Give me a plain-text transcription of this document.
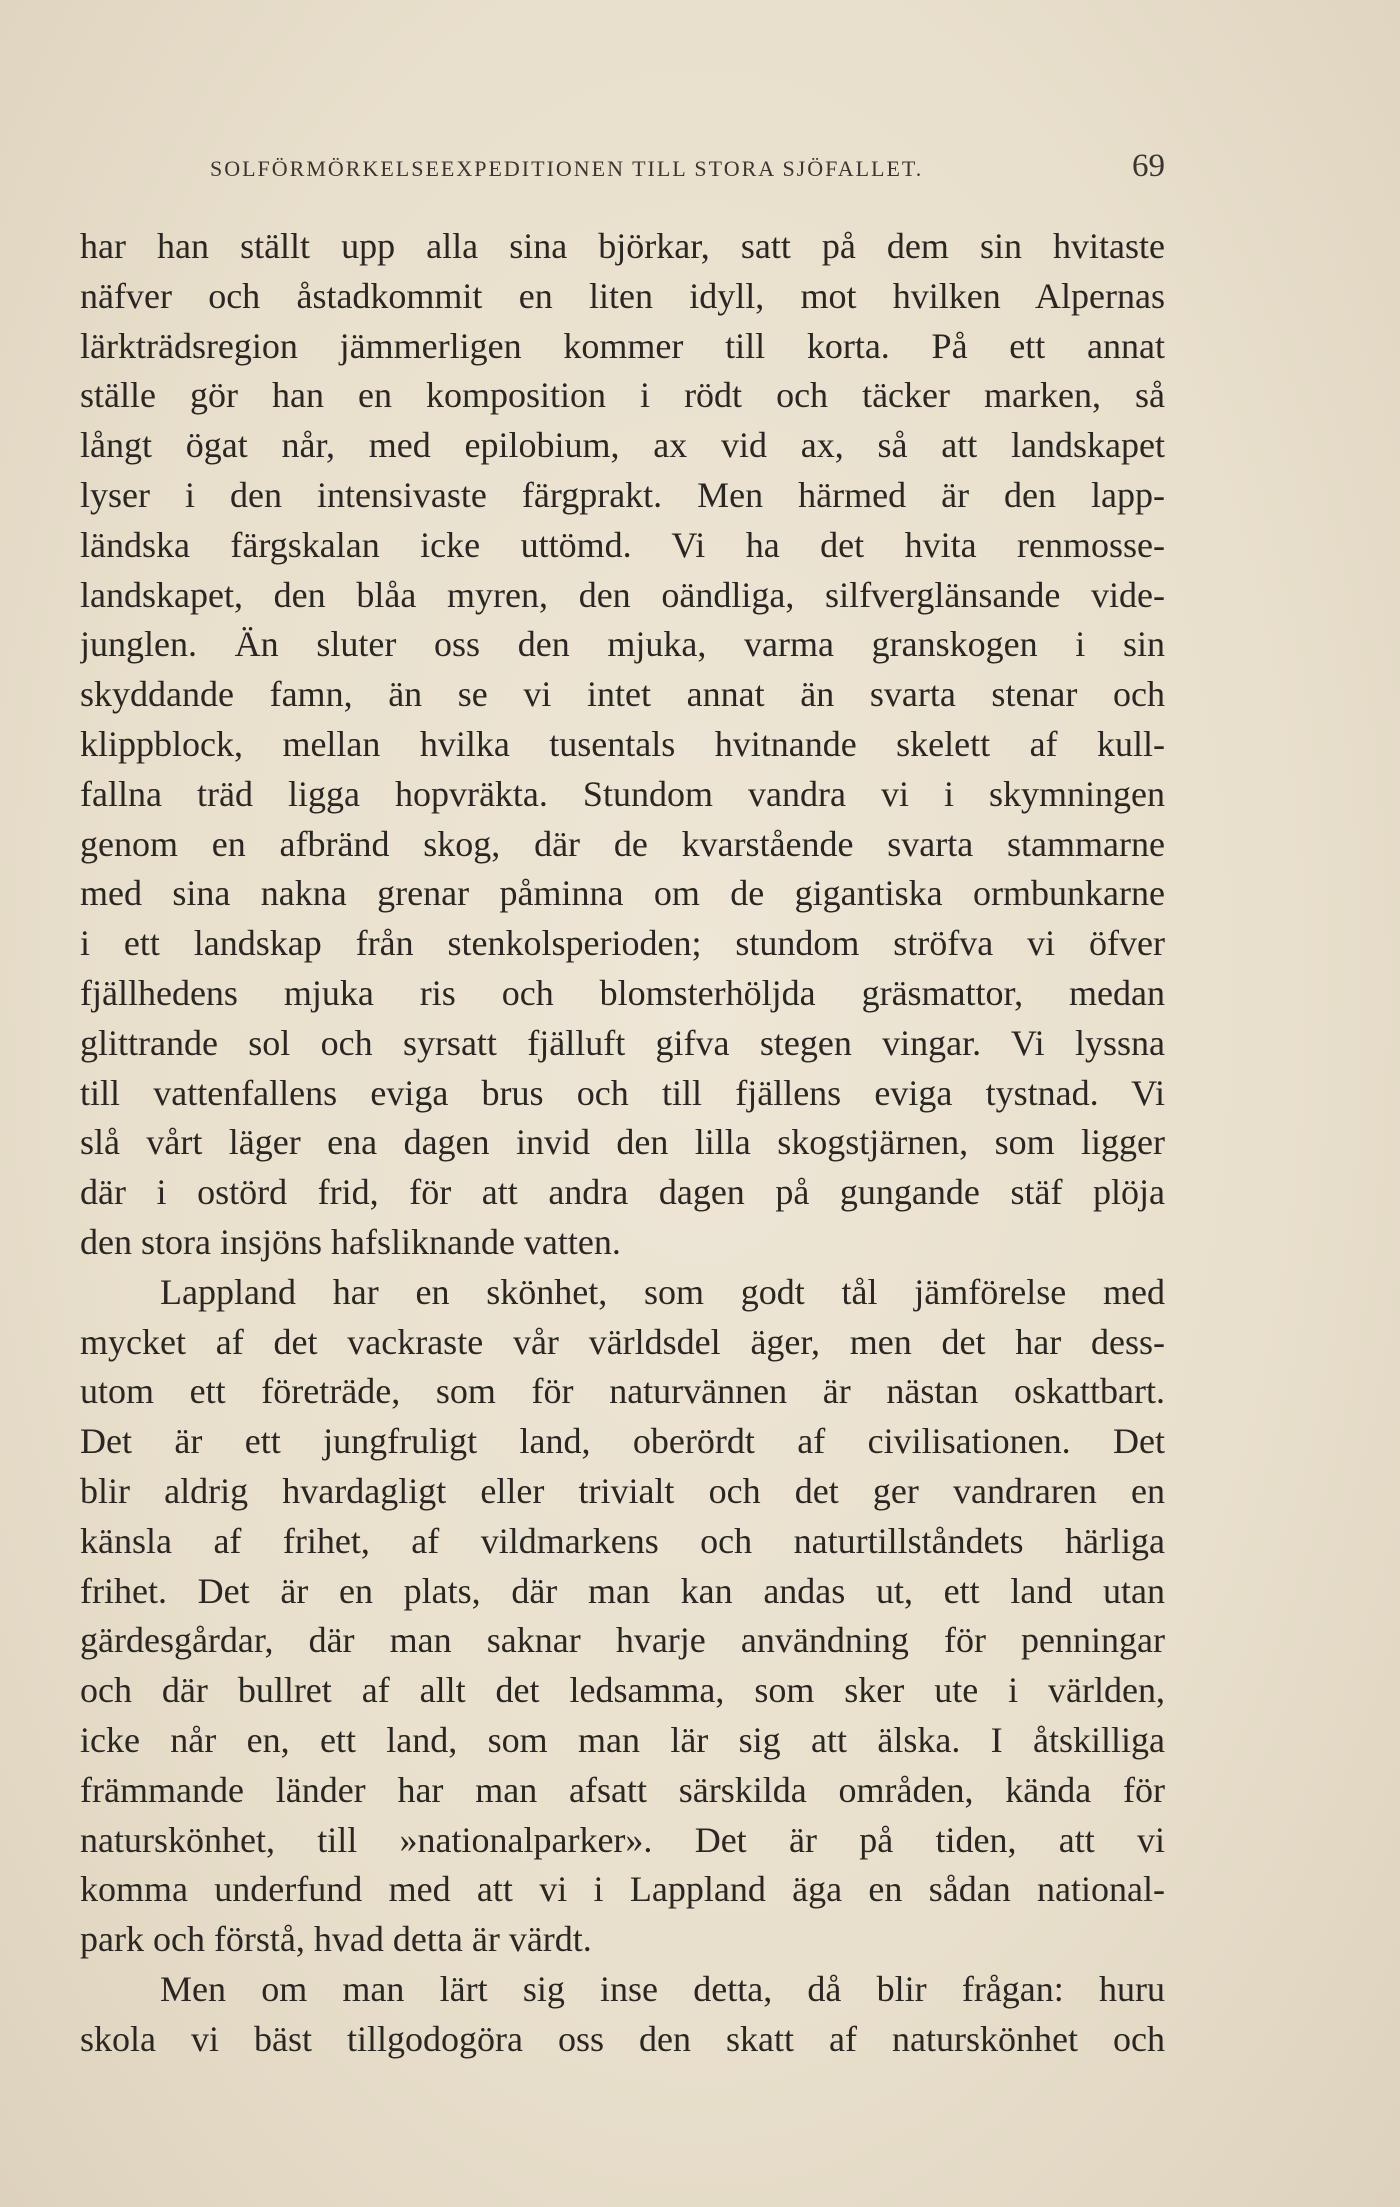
SOLFÖRMÖRKELSEEXPEDITIONEN TILL STORA SJÖFALLET.	69
har han ställt upp alla sina björkar, satt på dem sin hvitaste
näfver och åstadkommit en liten idyll, mot hvilken Alpernas
lärkträdsregion jämmerligen kommer till korta. På ett annat
ställe gör han en komposition i rödt och täcker marken, så
långt ögat når, med epilobium, ax vid ax, så att landskapet
lyser i den intensivaste färgprakt. Men härmed är den lapp-
ländska färgskalan icke uttömd. Vi ha det hvita renmosse-
landskapet, den blåa myren, den oändliga, silfverglänsande vide-
junglen. Än sluter oss den mjuka, varma granskogen i sin
skyddande famn, än se vi intet annat än svarta stenar och
klippblock, mellan hvilka tusentals hvitnande skelett af kull-
fallna träd ligga hopvräkta. Stundom vandra vi i skymningen
genom en afbränd skog, där de kvarstående svarta stammarne
med sina nakna grenar påminna om de gigantiska ormbunkarne
i ett landskap från stenkolsperioden; stundom ströfva vi öfver
fjällhedens mjuka ris och blomsterhöljda gräsmattor, medan
glittrande sol och syrsatt fjälluft gifva stegen vingar. Vi lyssna
till vattenfallens eviga brus och till fjällens eviga tystnad. Vi
slå vårt läger ena dagen invid den lilla skogstjärnen, som ligger
där i ostörd frid, för att andra dagen på gungande stäf plöja
den stora insjöns hafsliknande vatten.
Lappland har en skönhet, som godt tål jämförelse med
mycket af det vackraste vår världsdel äger, men det har dess-
utom ett företräde, som för naturvännen är nästan oskattbart.
Det är ett jungfruligt land, oberördt af civilisationen. Det
blir aldrig hvardagligt eller trivialt och det ger vandraren en
känsla af frihet, af vildmarkens och naturtillståndets härliga
frihet. Det är en plats, där man kan andas ut, ett land utan
gärdesgårdar, där man saknar hvarje användning för penningar
och där bullret af allt det ledsamma, som sker ute i världen,
icke når en, ett land, som man lär sig att älska. I åtskilliga
främmande länder har man afsatt särskilda områden, kända för
naturskönhet, till »nationalparker». Det är på tiden, att vi
komma underfund med att vi i Lappland äga en sådan national-
park och förstå, hvad detta är värdt.
Men om man lärt sig inse detta, då blir frågan: huru
skola vi bäst tillgodogöra oss den skatt af naturskönhet och
